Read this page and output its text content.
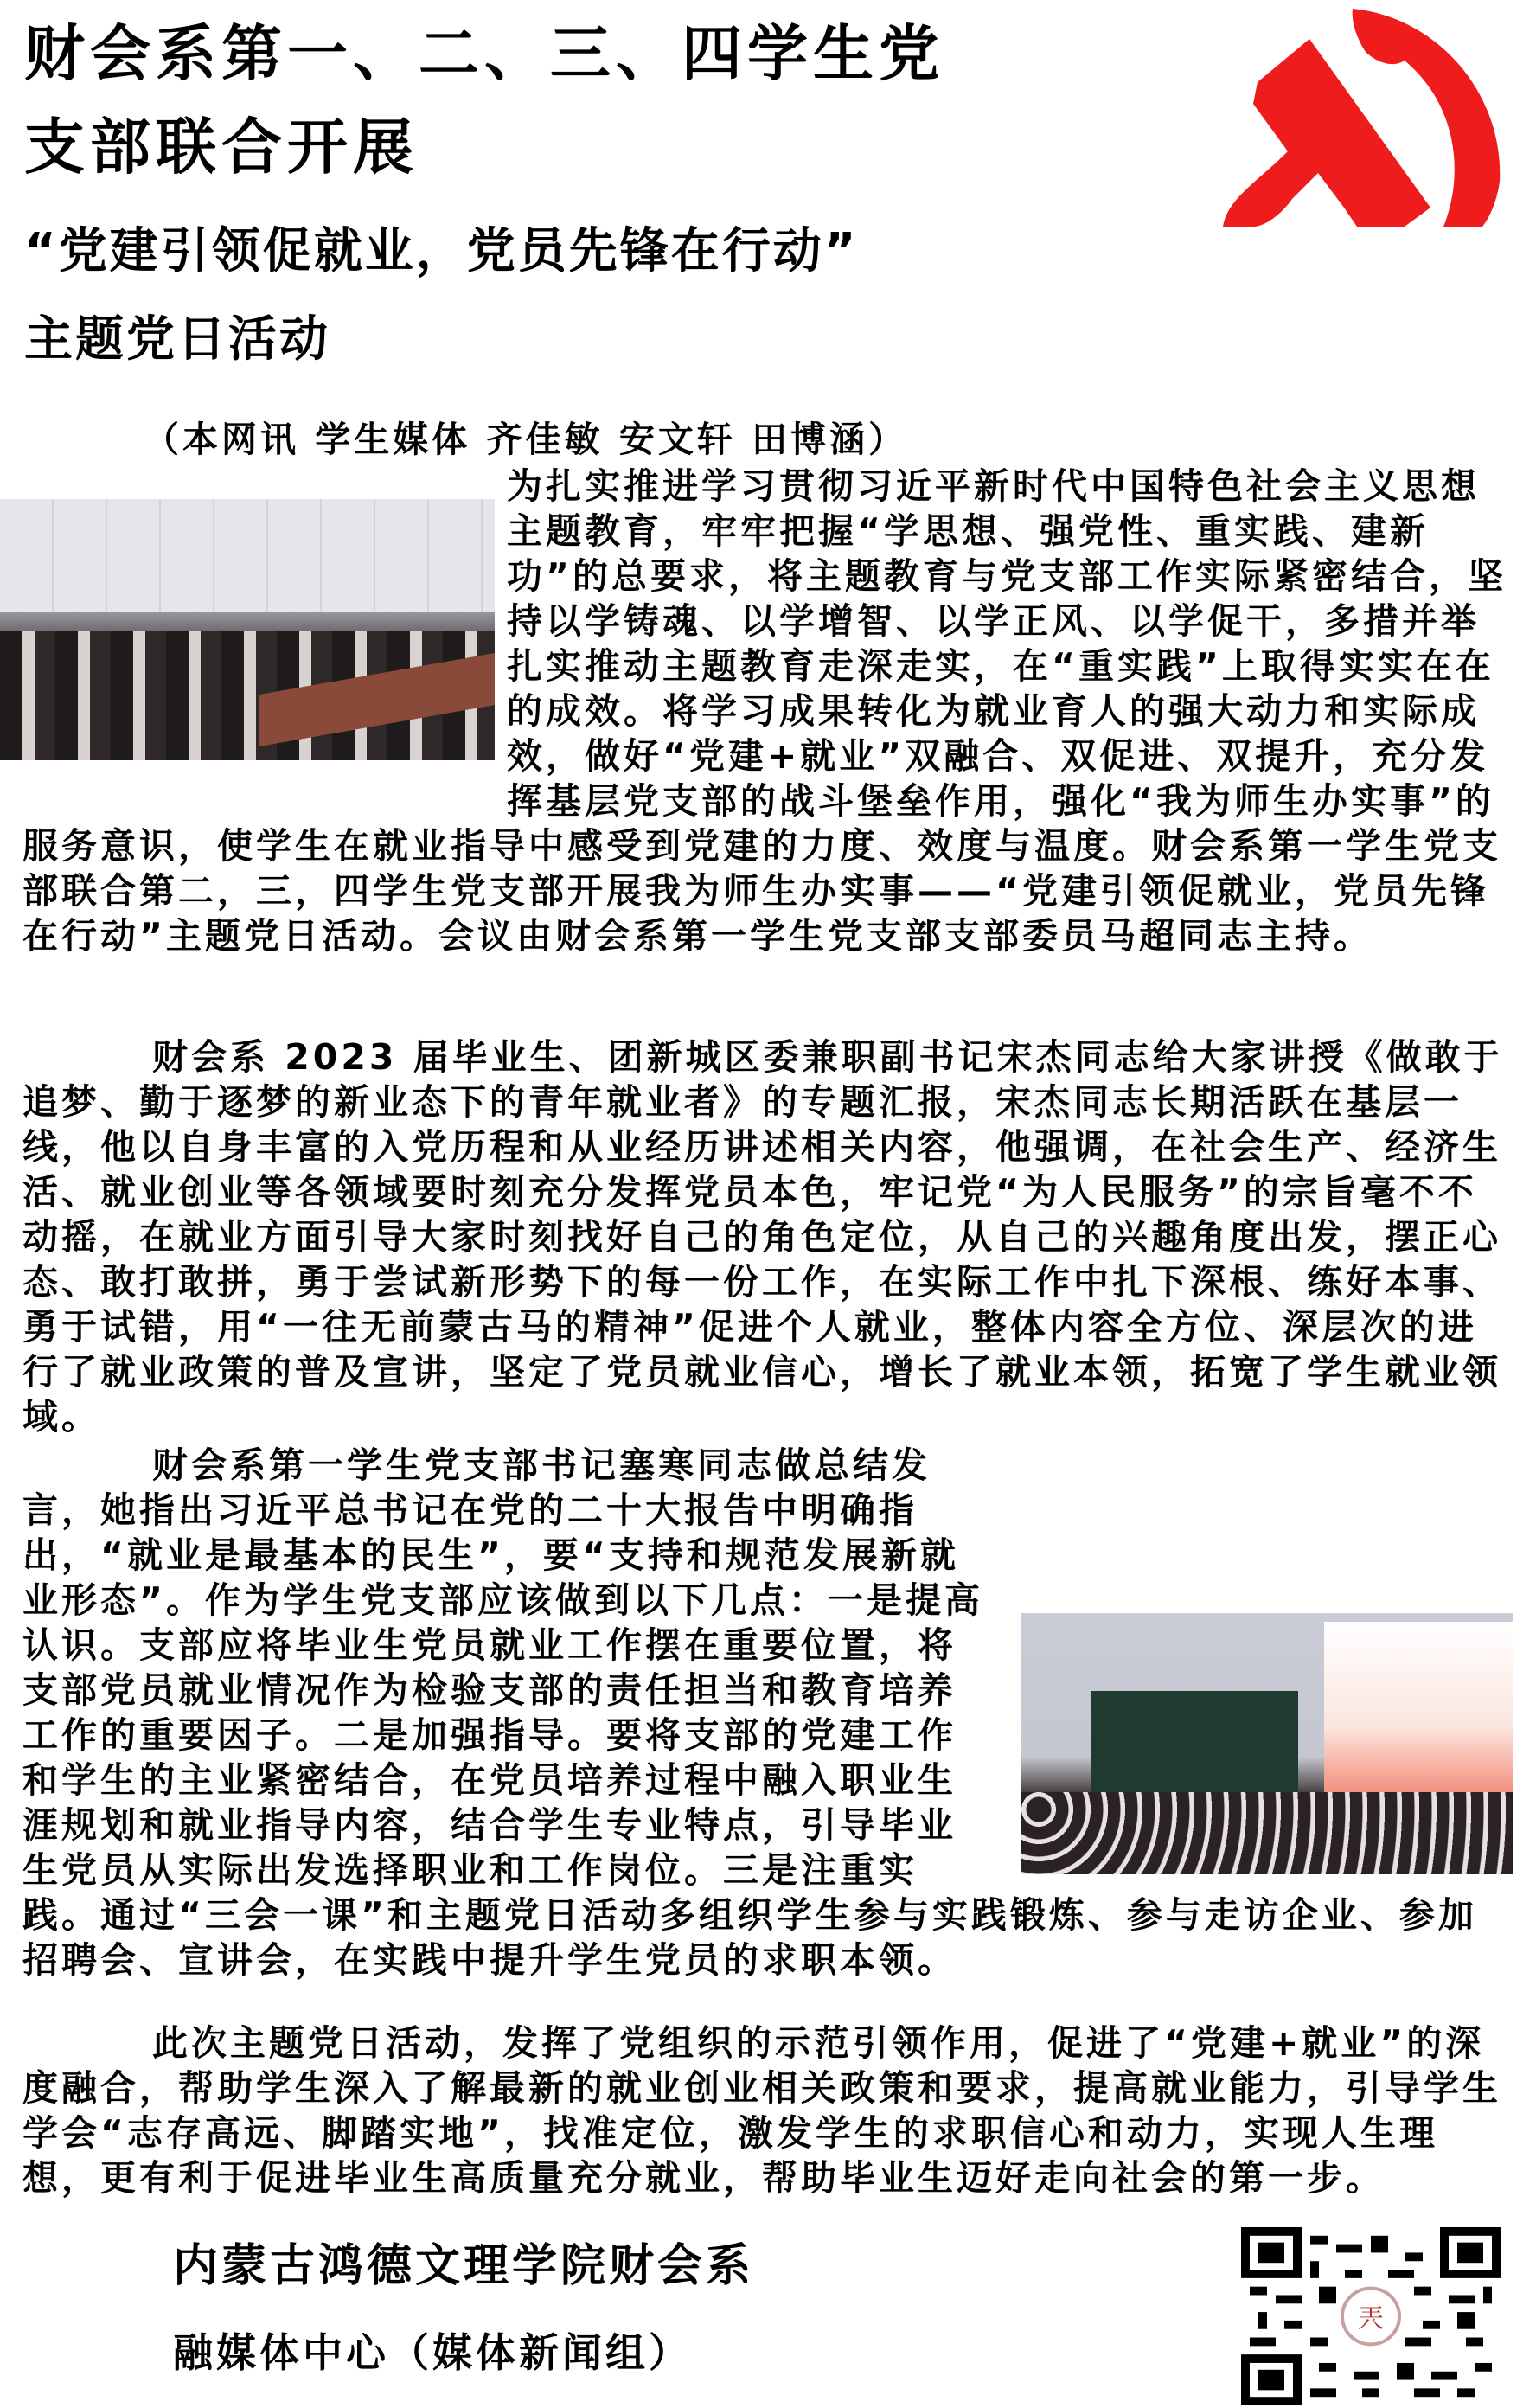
财会系第一、二、三、四学生党
支部联合开展
“党建引领促就业，党员先锋在行动”
主题党日活动
（本网讯 学生媒体 齐佳敏 安文轩 田博涵）
为扎实推进学习贯彻习近平新时代中国特色社会主义思想主题教育，牢牢把握“学思想、强党性、重实践、建新功”的总要求，将主题教育与党支部工作实际紧密结合，坚持以学铸魂、以学增智、以学正风、以学促干，多措并举扎实推动主题教育走深走实，在“重实践”上取得实实在在的成效。将学习成果转化为就业育人的强大动力和实际成效，做好“党建+就业”双融合、双促进、双提升，充分发挥基层党支部的战斗堡垒作用，强化“我为师生办实事”的服务意识，使学生在就业指导中感受到党建的力度、效度与温度。财会系第一学生党支部联合第二，三，四学生党支部开展我为师生办实事——“党建引领促就业，党员先锋在行动”主题党日活动。会议由财会系第一学生党支部支部委员马超同志主持。
财会系 2023 届毕业生、团新城区委兼职副书记宋杰同志给大家讲授《做敢于追梦、勤于逐梦的新业态下的青年就业者》的专题汇报，宋杰同志长期活跃在基层一线，他以自身丰富的入党历程和从业经历讲述相关内容，他强调，在社会生产、经济生活、就业创业等各领域要时刻充分发挥党员本色，牢记党“为人民服务”的宗旨毫不不动摇，在就业方面引导大家时刻找好自己的角色定位，从自己的兴趣角度出发，摆正心态、敢打敢拼，勇于尝试新形势下的每一份工作，在实际工作中扎下深根、练好本事、勇于试错，用“一往无前蒙古马的精神”促进个人就业，整体内容全方位、深层次的进行了就业政策的普及宣讲，坚定了党员就业信心，增长了就业本领，拓宽了学生就业领域。
财会系第一学生党支部书记塞寒同志做总结发言，她指出习近平总书记在党的二十大报告中明确指出，“就业是最基本的民生”，要“支持和规范发展新就业形态”。作为学生党支部应该做到以下几点：一是提高认识。支部应将毕业生党员就业工作摆在重要位置，将支部党员就业情况作为检验支部的责任担当和教育培养工作的重要因子。二是加强指导。要将支部的党建工作和学生的主业紧密结合，在党员培养过程中融入职业生涯规划和就业指导内容，结合学生专业特点，引导毕业生党员从实际出发选择职业和工作岗位。三是注重实践。通过“三会一课”和主题党日活动多组织学生参与实践锻炼、参与走访企业、参加招聘会、宣讲会，在实践中提升学生党员的求职本领。
此次主题党日活动，发挥了党组织的示范引领作用，促进了“党建+就业”的深度融合，帮助学生深入了解最新的就业创业相关政策和要求，提高就业能力，引导学生学会“志存高远、脚踏实地”，找准定位，激发学生的求职信心和动力，实现人生理想，更有利于促进毕业生高质量充分就业，帮助毕业生迈好走向社会的第一步。
内蒙古鸿德文理学院财会系
融媒体中心（媒体新闻组）
兲
